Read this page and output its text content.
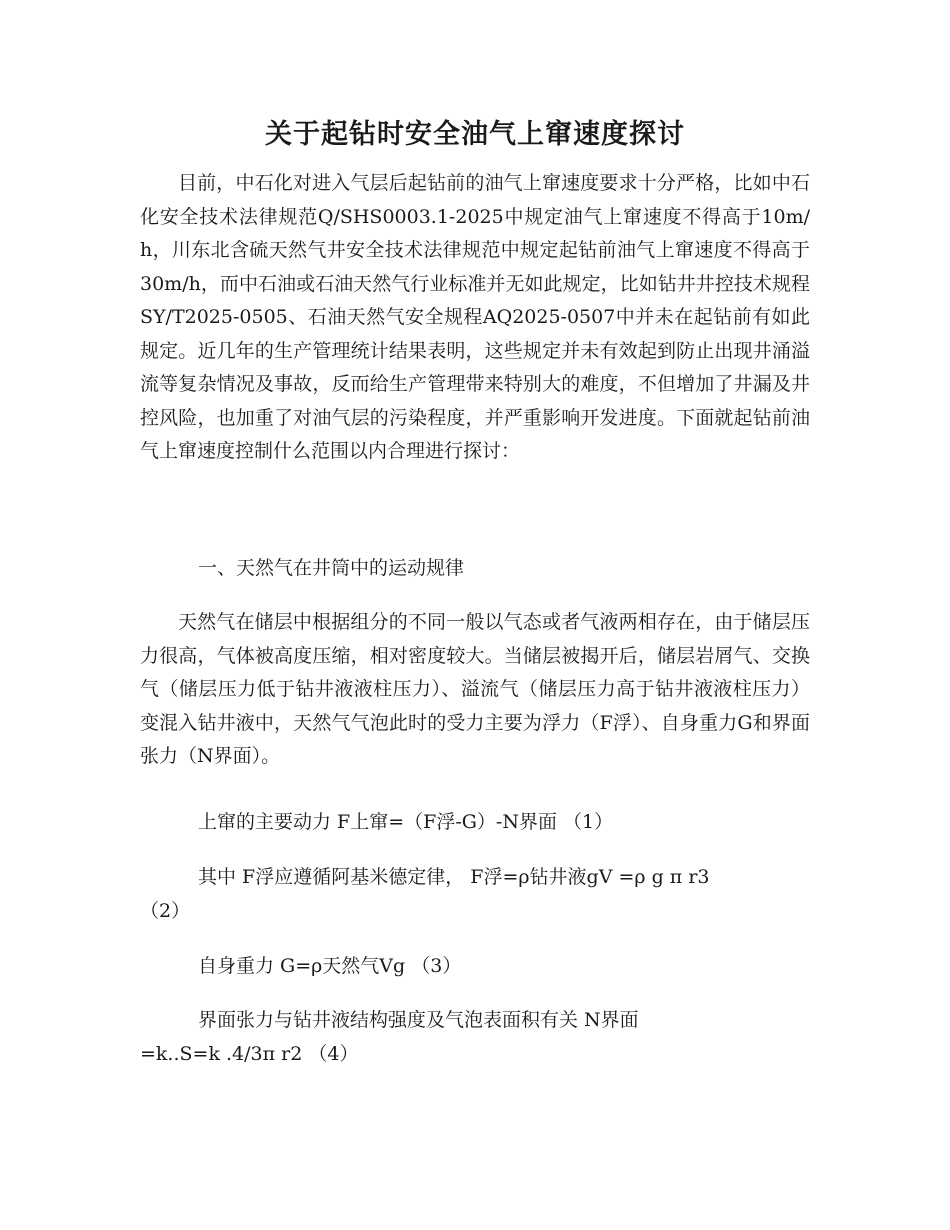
关于起钻时安全油气上窜速度探讨

目前，中石化对进入气层后起钻前的油气上窜速度要求十分严格，比如中石化安全技术法律规范Q/SHS0003.1-2025中规定油气上窜速度不得高于10m/h，川东北含硫天然气井安全技术法律规范中规定起钻前油气上窜速度不得高于30m/h，而中石油或石油天然气行业标准并无如此规定，比如钻井井控技术规程SY/T2025-0505、石油天然气安全规程AQ2025-0507中并未在起钻前有如此规定。近几年的生产管理统计结果表明，这些规定并未有效起到防止出现井涌溢流等复杂情况及事故，反而给生产管理带来特别大的难度，不但增加了井漏及井控风险，也加重了对油气层的污染程度，并严重影响开发进度。下面就起钻前油气上窜速度控制什么范围以内合理进行探讨：

一、天然气在井筒中的运动规律

天然气在储层中根据组分的不同一般以气态或者气液两相存在，由于储层压力很高，气体被高度压缩，相对密度较大。当储层被揭开后，储层岩屑气、交换气（储层压力低于钻井液液柱压力）、溢流气（储层压力高于钻井液液柱压力）变混入钻井液中，天然气气泡此时的受力主要为浮力（F浮）、自身重力G和界面张力（N界面）。

上窜的主要动力 F上窜=（F浮-G）-N界面 （1）
其中 F浮应遵循阿基米德定律， F浮=ρ钻井液gV =ρ g π r3
（2）
自身重力 G=ρ天然气Vg （3）
界面张力与钻井液结构强度及气泡表面积有关 N界面
=k..S=k .4/3π r2 （4）
